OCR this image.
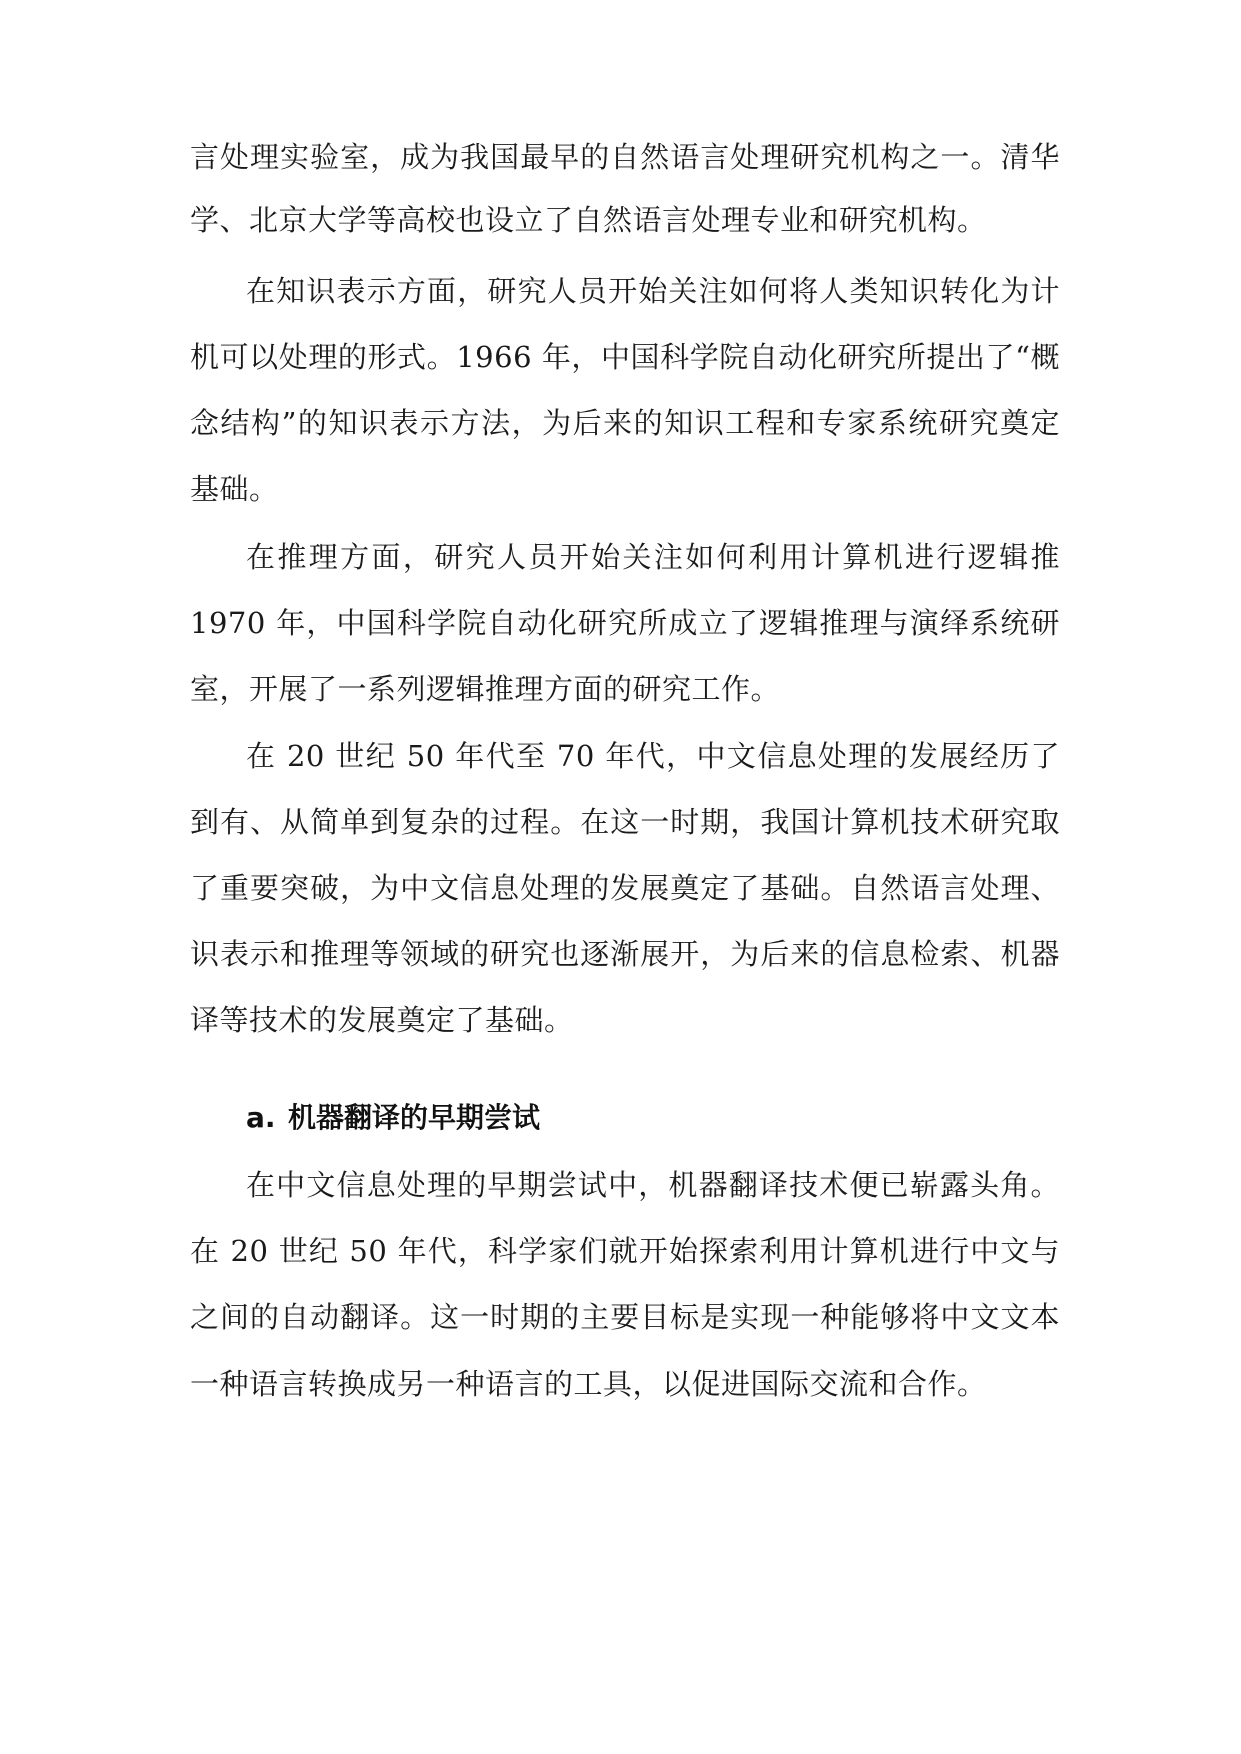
言处理实验室，成为我国最早的自然语言处理研究机构之一。清华
学、北京大学等高校也设立了自然语言处理专业和研究机构。
在知识表示方面，研究人员开始关注如何将人类知识转化为计
机可以处理的形式。1966 年，中国科学院自动化研究所提出了“概
念结构”的知识表示方法，为后来的知识工程和专家系统研究奠定
基础。
在推理方面，研究人员开始关注如何利用计算机进行逻辑推
1970 年，中国科学院自动化研究所成立了逻辑推理与演绎系统研
室，开展了一系列逻辑推理方面的研究工作。
在 20 世纪 50 年代至 70 年代，中文信息处理的发展经历了
到有、从简单到复杂的过程。在这一时期，我国计算机技术研究取
了重要突破，为中文信息处理的发展奠定了基础。自然语言处理、
识表示和推理等领域的研究也逐渐展开，为后来的信息检索、机器
译等技术的发展奠定了基础。
a. 机器翻译的早期尝试
在中文信息处理的早期尝试中，机器翻译技术便已崭露头角。
在 20 世纪 50 年代，科学家们就开始探索利用计算机进行中文与
之间的自动翻译。这一时期的主要目标是实现一种能够将中文文本
一种语言转换成另一种语言的工具，以促进国际交流和合作。
